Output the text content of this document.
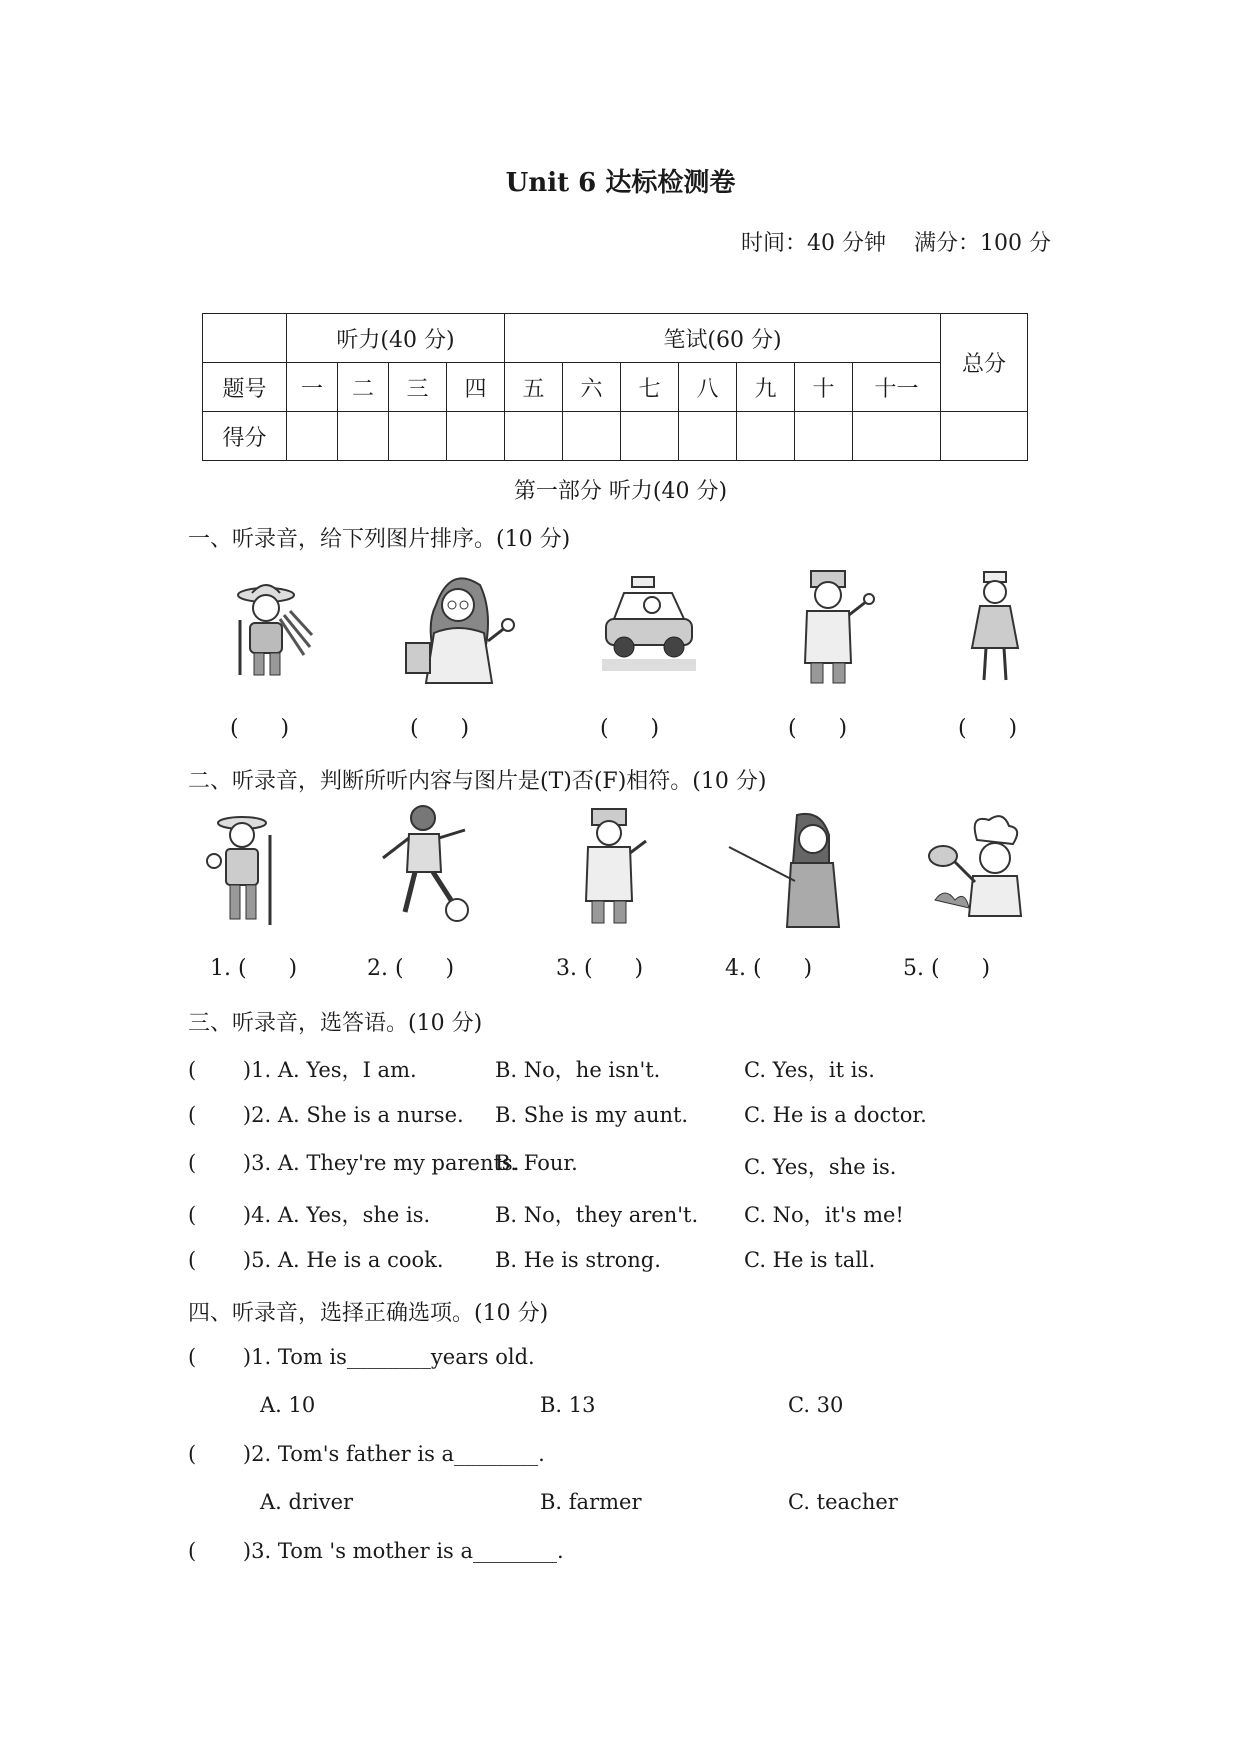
Unit 6 达标检测卷
时间：40 分钟    满分：100 分
	听力(40 分)				笔试(60 分)							总分
题号	一	二	三	四	五	六	七	八	九	十	十一	
得分												
第一部分 听力(40 分)
一、听录音，给下列图片排序。(10 分)
(      )	(      )	(      )	(      )	(      )
二、听录音，判断所听内容与图片是(T)否(F)相符。(10 分)
1. (      )	2. (      )	3. (      )	4. (      )	5. (      )
三、听录音，选答语。(10 分)
(       )1. A. Yes，I am.	B. No，he isn't.	C. Yes，it is.
(       )2. A. She is a nurse. B. She is my aunt.	C. He is a doctor.
(       )3. A. They're my parents.
B. Four.	C. Yes，she is.
(       )4. A. Yes，she is.	B. No，they aren't. C. No，it's me!
(       )5. A. He is a cook. B. He is strong.	C. He is tall.
四、听录音，选择正确选项。(10 分)
(       )1. Tom is________years old.
A. 10	B. 13	C. 30
(       )2. Tom's father is a________.
A. driver	B. farmer	C. teacher
(       )3. Tom 's mother is a________.
